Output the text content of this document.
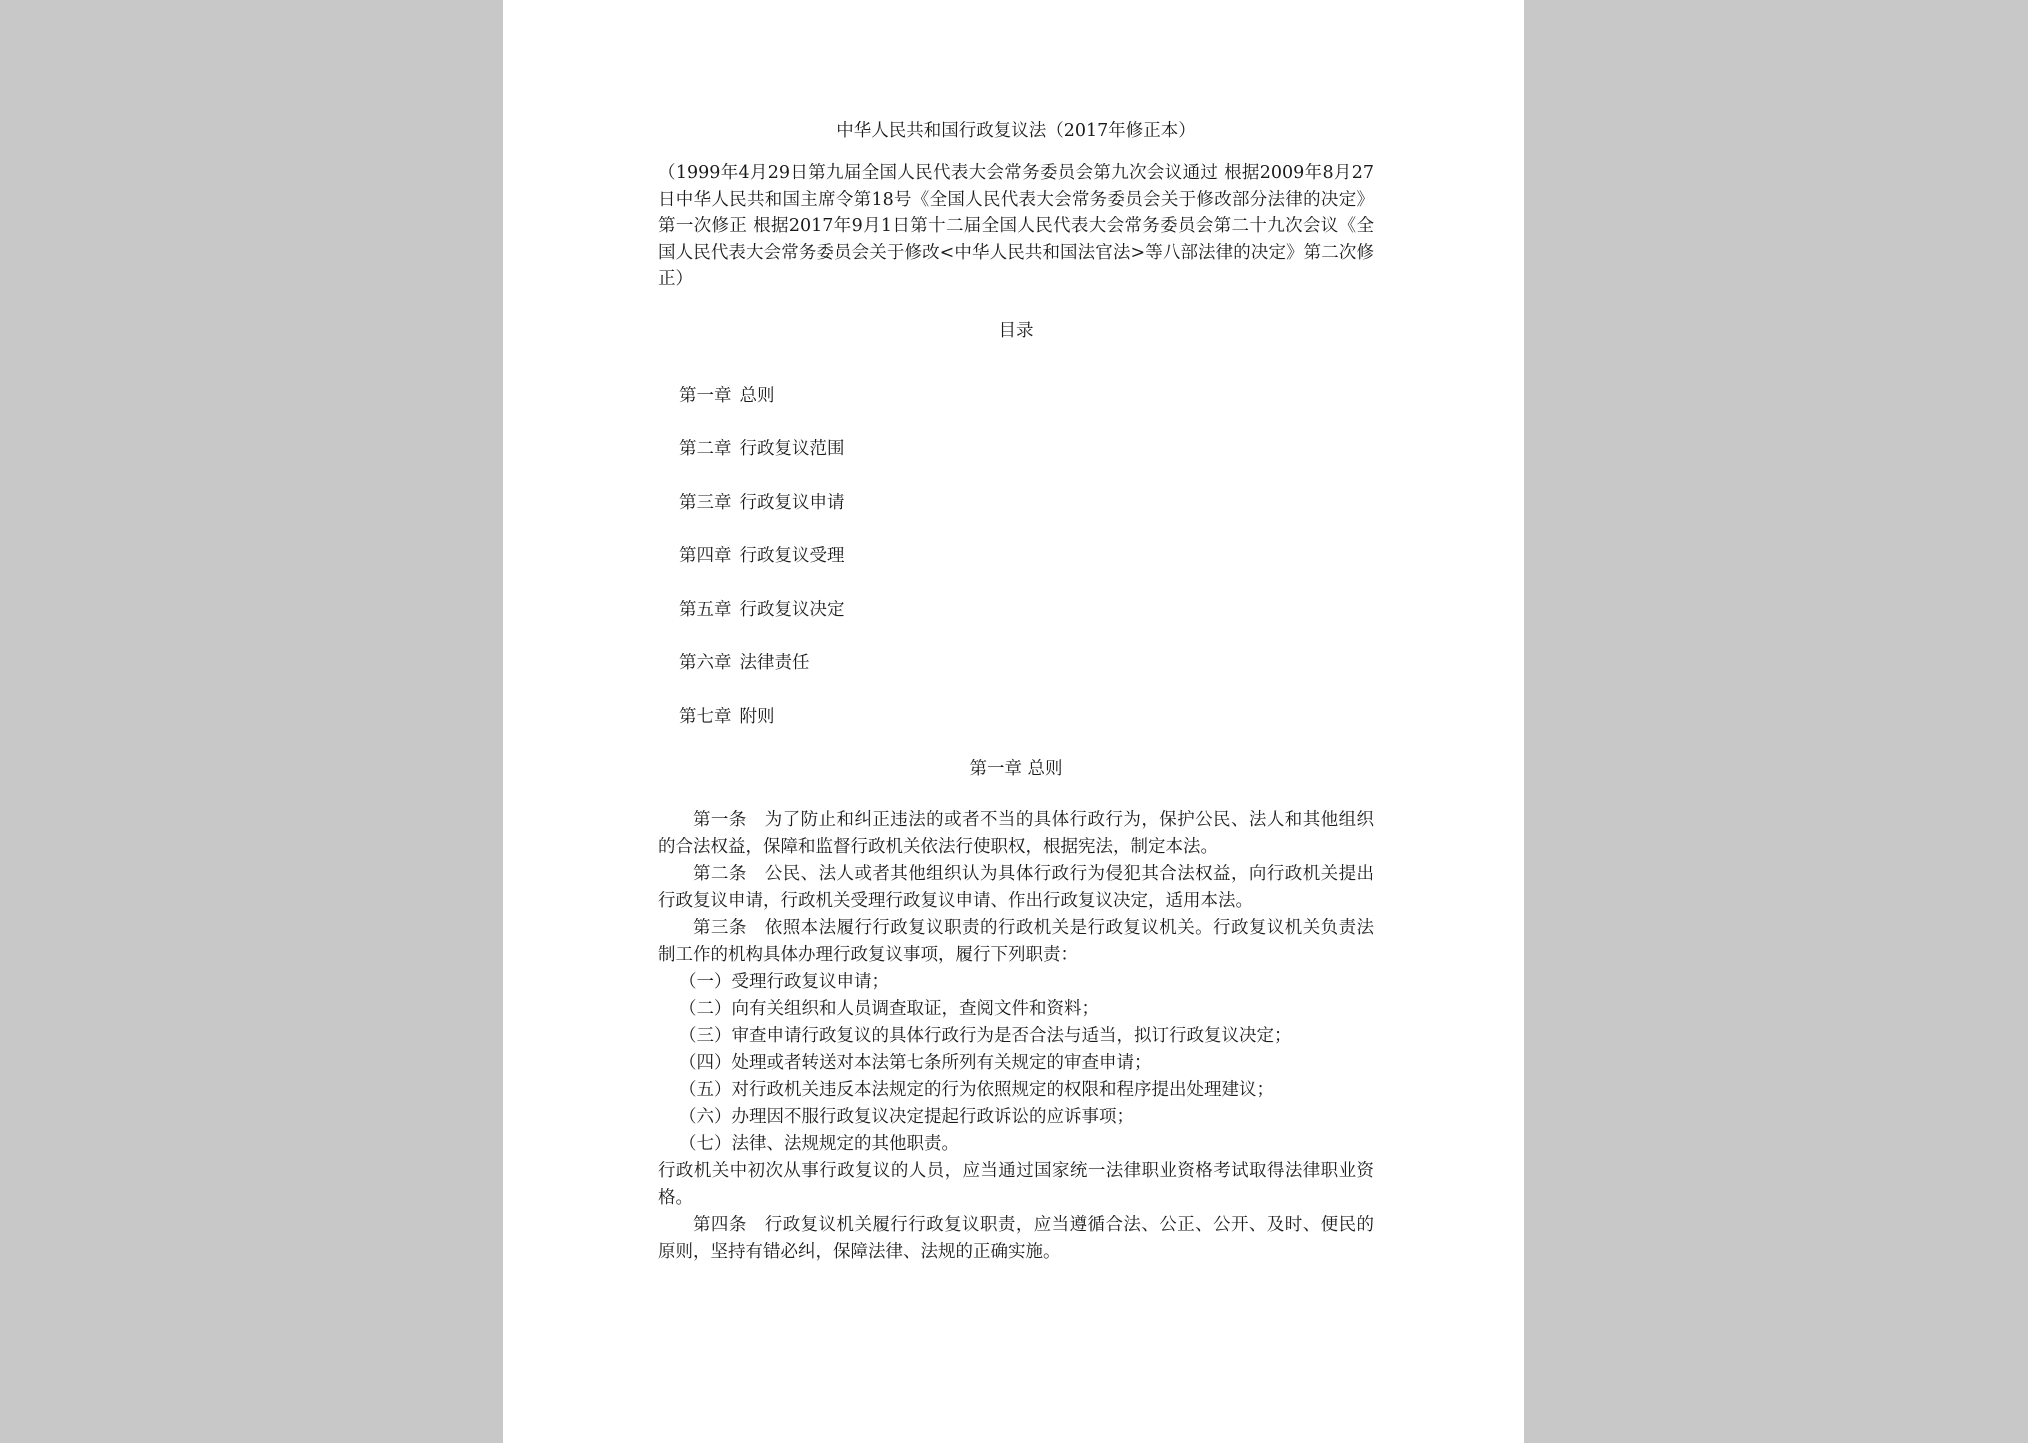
中华人民共和国行政复议法（2017年修正本）

（1999年4月29日第九届全国人民代表大会常务委员会第九次会议通过 根据2009年8月27日中华人民共和国主席令第18号《全国人民代表大会常务委员会关于修改部分法律的决定》第一次修正 根据2017年9月1日第十二届全国人民代表大会常务委员会第二十九次会议《全国人民代表大会常务委员会关于修改<中华人民共和国法官法>等八部法律的决定》第二次修正）

目录
第一章 总则
第二章 行政复议范围
第三章 行政复议申请
第四章 行政复议受理
第五章 行政复议决定
第六章 法律责任
第七章 附则
第一章 总则

第一条 为了防止和纠正违法的或者不当的具体行政行为，保护公民、法人和其他组织的合法权益，保障和监督行政机关依法行使职权，根据宪法，制定本法。

第二条 公民、法人或者其他组织认为具体行政行为侵犯其合法权益，向行政机关提出行政复议申请，行政机关受理行政复议申请、作出行政复议决定，适用本法。

第三条 依照本法履行行政复议职责的行政机关是行政复议机关。行政复议机关负责法制工作的机构具体办理行政复议事项，履行下列职责：

（一）受理行政复议申请；
（二）向有关组织和人员调查取证，查阅文件和资料；
（三）审查申请行政复议的具体行政行为是否合法与适当，拟订行政复议决定；
（四）处理或者转送对本法第七条所列有关规定的审查申请；
（五）对行政机关违反本法规定的行为依照规定的权限和程序提出处理建议；
（六）办理因不服行政复议决定提起行政诉讼的应诉事项；
（七）法律、法规规定的其他职责。

行政机关中初次从事行政复议的人员，应当通过国家统一法律职业资格考试取得法律职业资格。

第四条 行政复议机关履行行政复议职责，应当遵循合法、公正、公开、及时、便民的原则，坚持有错必纠，保障法律、法规的正确实施。
